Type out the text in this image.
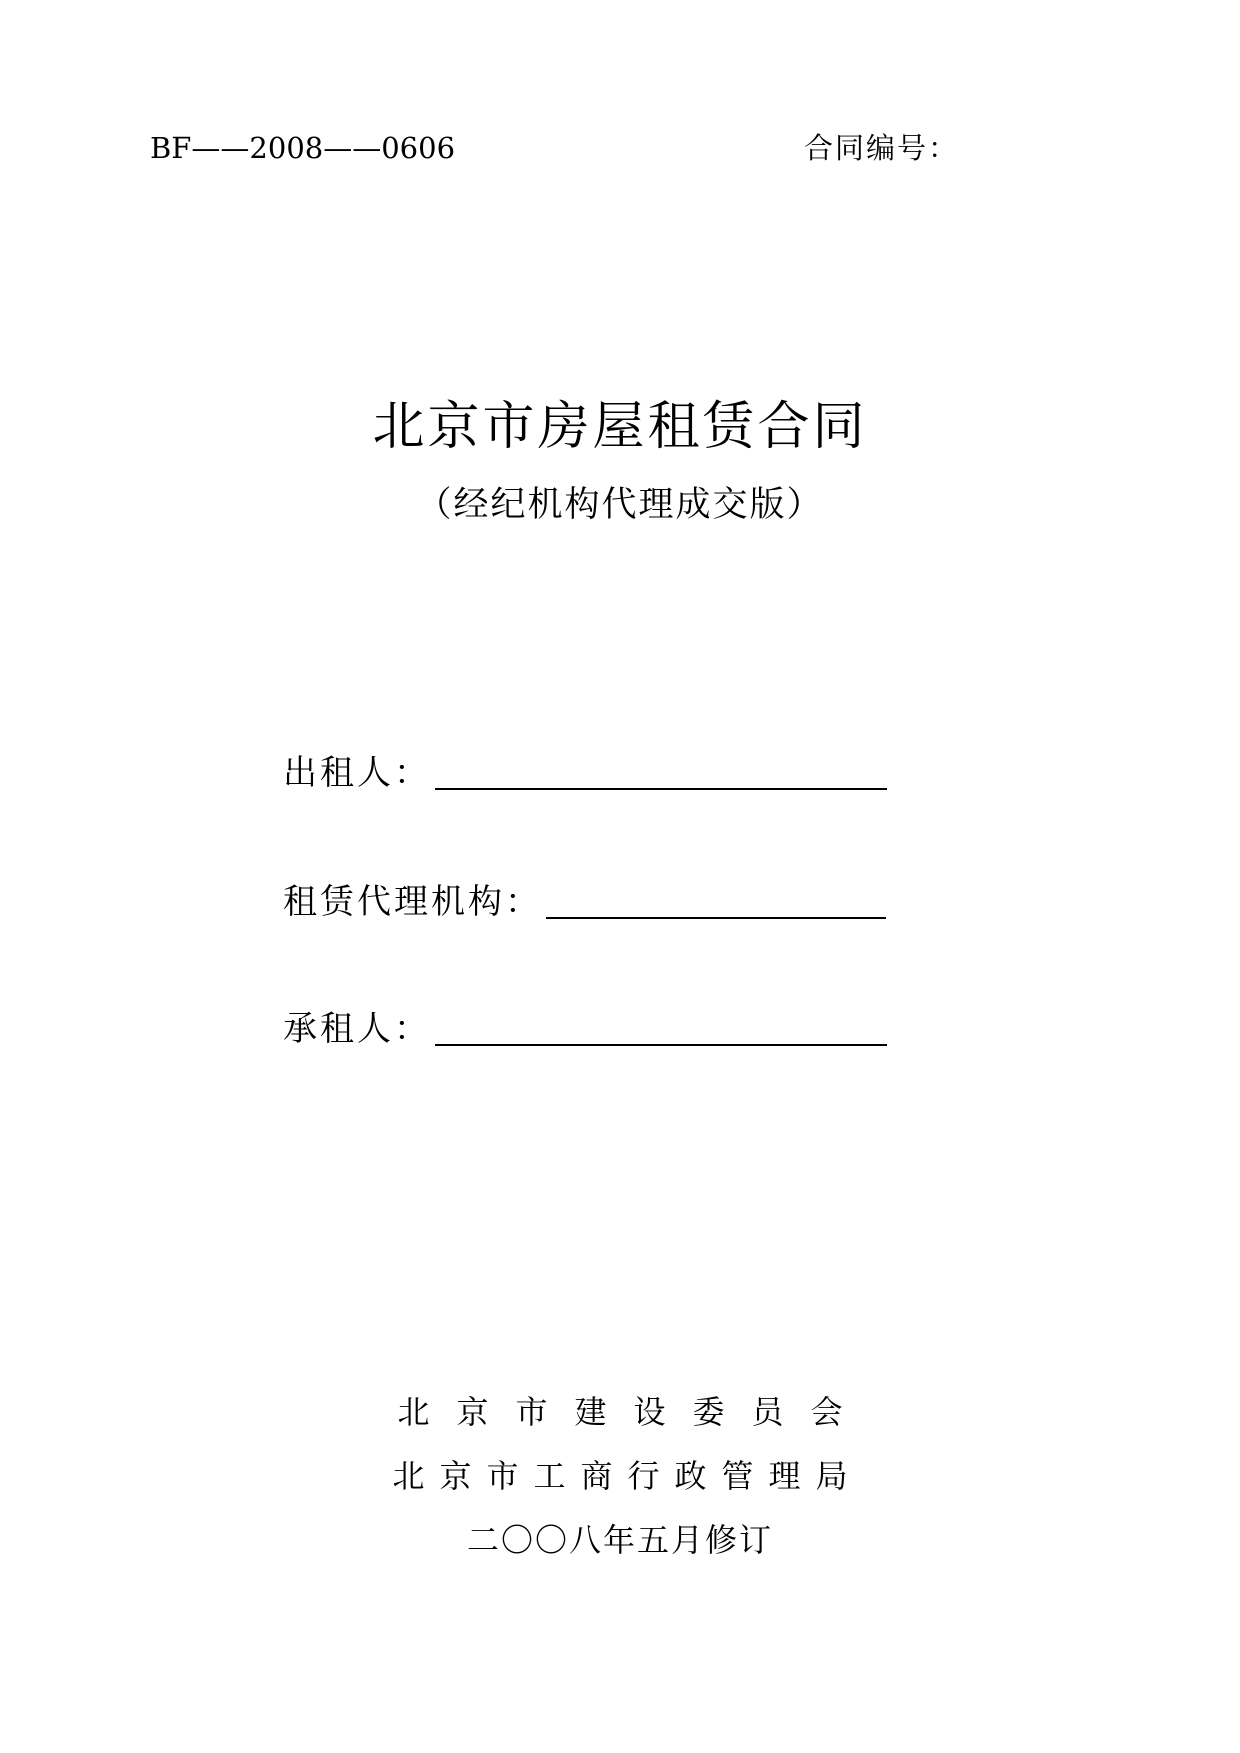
BF——2008——0606	合同编号：
北京市房屋租赁合同
（经纪机构代理成交版）
出租人：
租赁代理机构：
承租人：
北京市建设委员会
北京市工商行政管理局
二〇〇八年五月修订
